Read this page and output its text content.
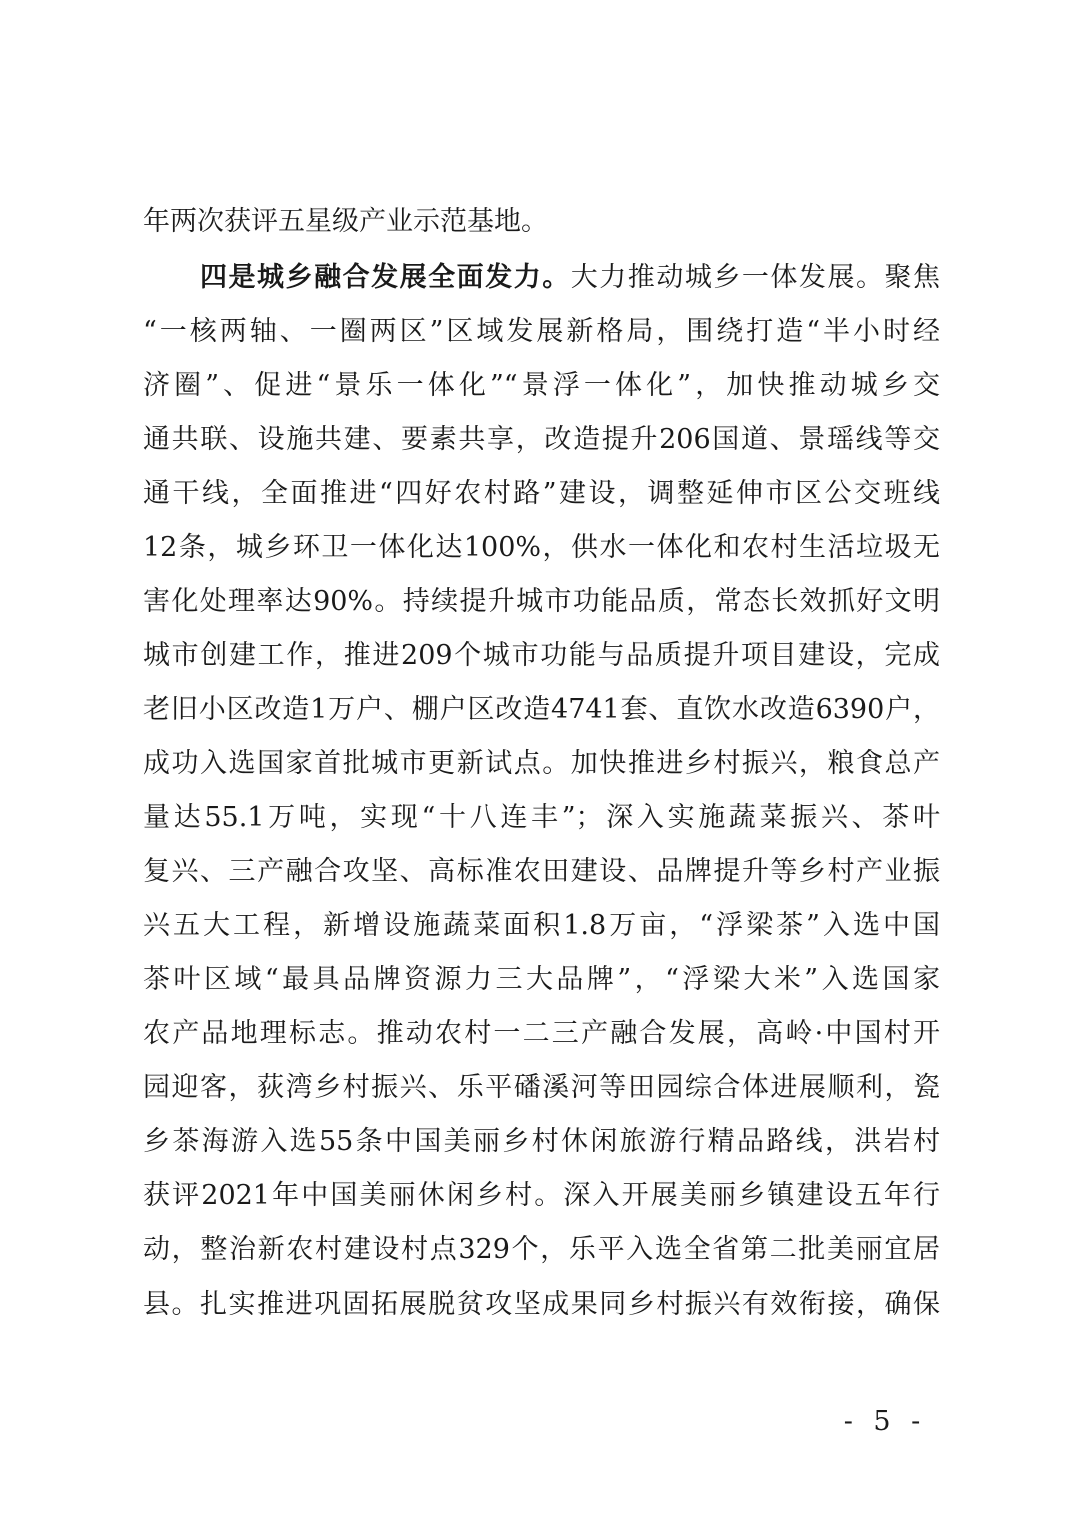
年两次获评五星级产业示范基地。
四是城乡融合发展全面发力。大力推动城乡一体发展。聚焦
“一核两轴、一圈两区”区域发展新格局，围绕打造“半小时经
济圈”、促进“景乐一体化”“景浮一体化”，加快推动城乡交
通共联、设施共建、要素共享，改造提升206国道、景瑶线等交
通干线，全面推进“四好农村路”建设，调整延伸市区公交班线
12条，城乡环卫一体化达100%，供水一体化和农村生活垃圾无
害化处理率达90%。持续提升城市功能品质，常态长效抓好文明
城市创建工作，推进209个城市功能与品质提升项目建设，完成
老旧小区改造1万户、棚户区改造4741套、直饮水改造6390户，
成功入选国家首批城市更新试点。加快推进乡村振兴，粮食总产
量达55.1万吨，实现“十八连丰”；深入实施蔬菜振兴、茶叶
复兴、三产融合攻坚、高标准农田建设、品牌提升等乡村产业振
兴五大工程，新增设施蔬菜面积1.8万亩，“浮梁茶”入选中国
茶叶区域“最具品牌资源力三大品牌”，“浮梁大米”入选国家
农产品地理标志。推动农村一二三产融合发展，高岭·中国村开
园迎客，荻湾乡村振兴、乐平磻溪河等田园综合体进展顺利，瓷
乡茶海游入选55条中国美丽乡村休闲旅游行精品路线，洪岩村
获评2021年中国美丽休闲乡村。深入开展美丽乡镇建设五年行
动，整治新农村建设村点329个，乐平入选全省第二批美丽宜居
县。扎实推进巩固拓展脱贫攻坚成果同乡村振兴有效衔接，确保
- 5 -
